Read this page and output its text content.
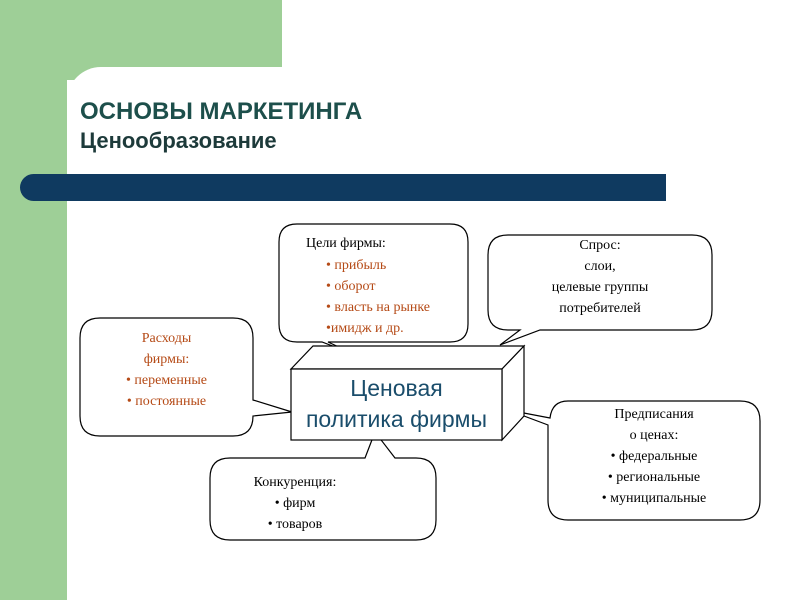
ОСНОВЫ МАРКЕТИНГА
Ценообразование
Ценовая
политика фирмы
Цели фирмы:
• прибыль
• оборот
• власть на рынке
•имидж и др.
Спрос:
слои,
целевые группы
потребителей
Расходы
фирмы:
• переменные
• постоянные
Предписания
о ценах:
• федеральные
• региональные
• муниципальные
Конкуренция:
• фирм
• товаров
